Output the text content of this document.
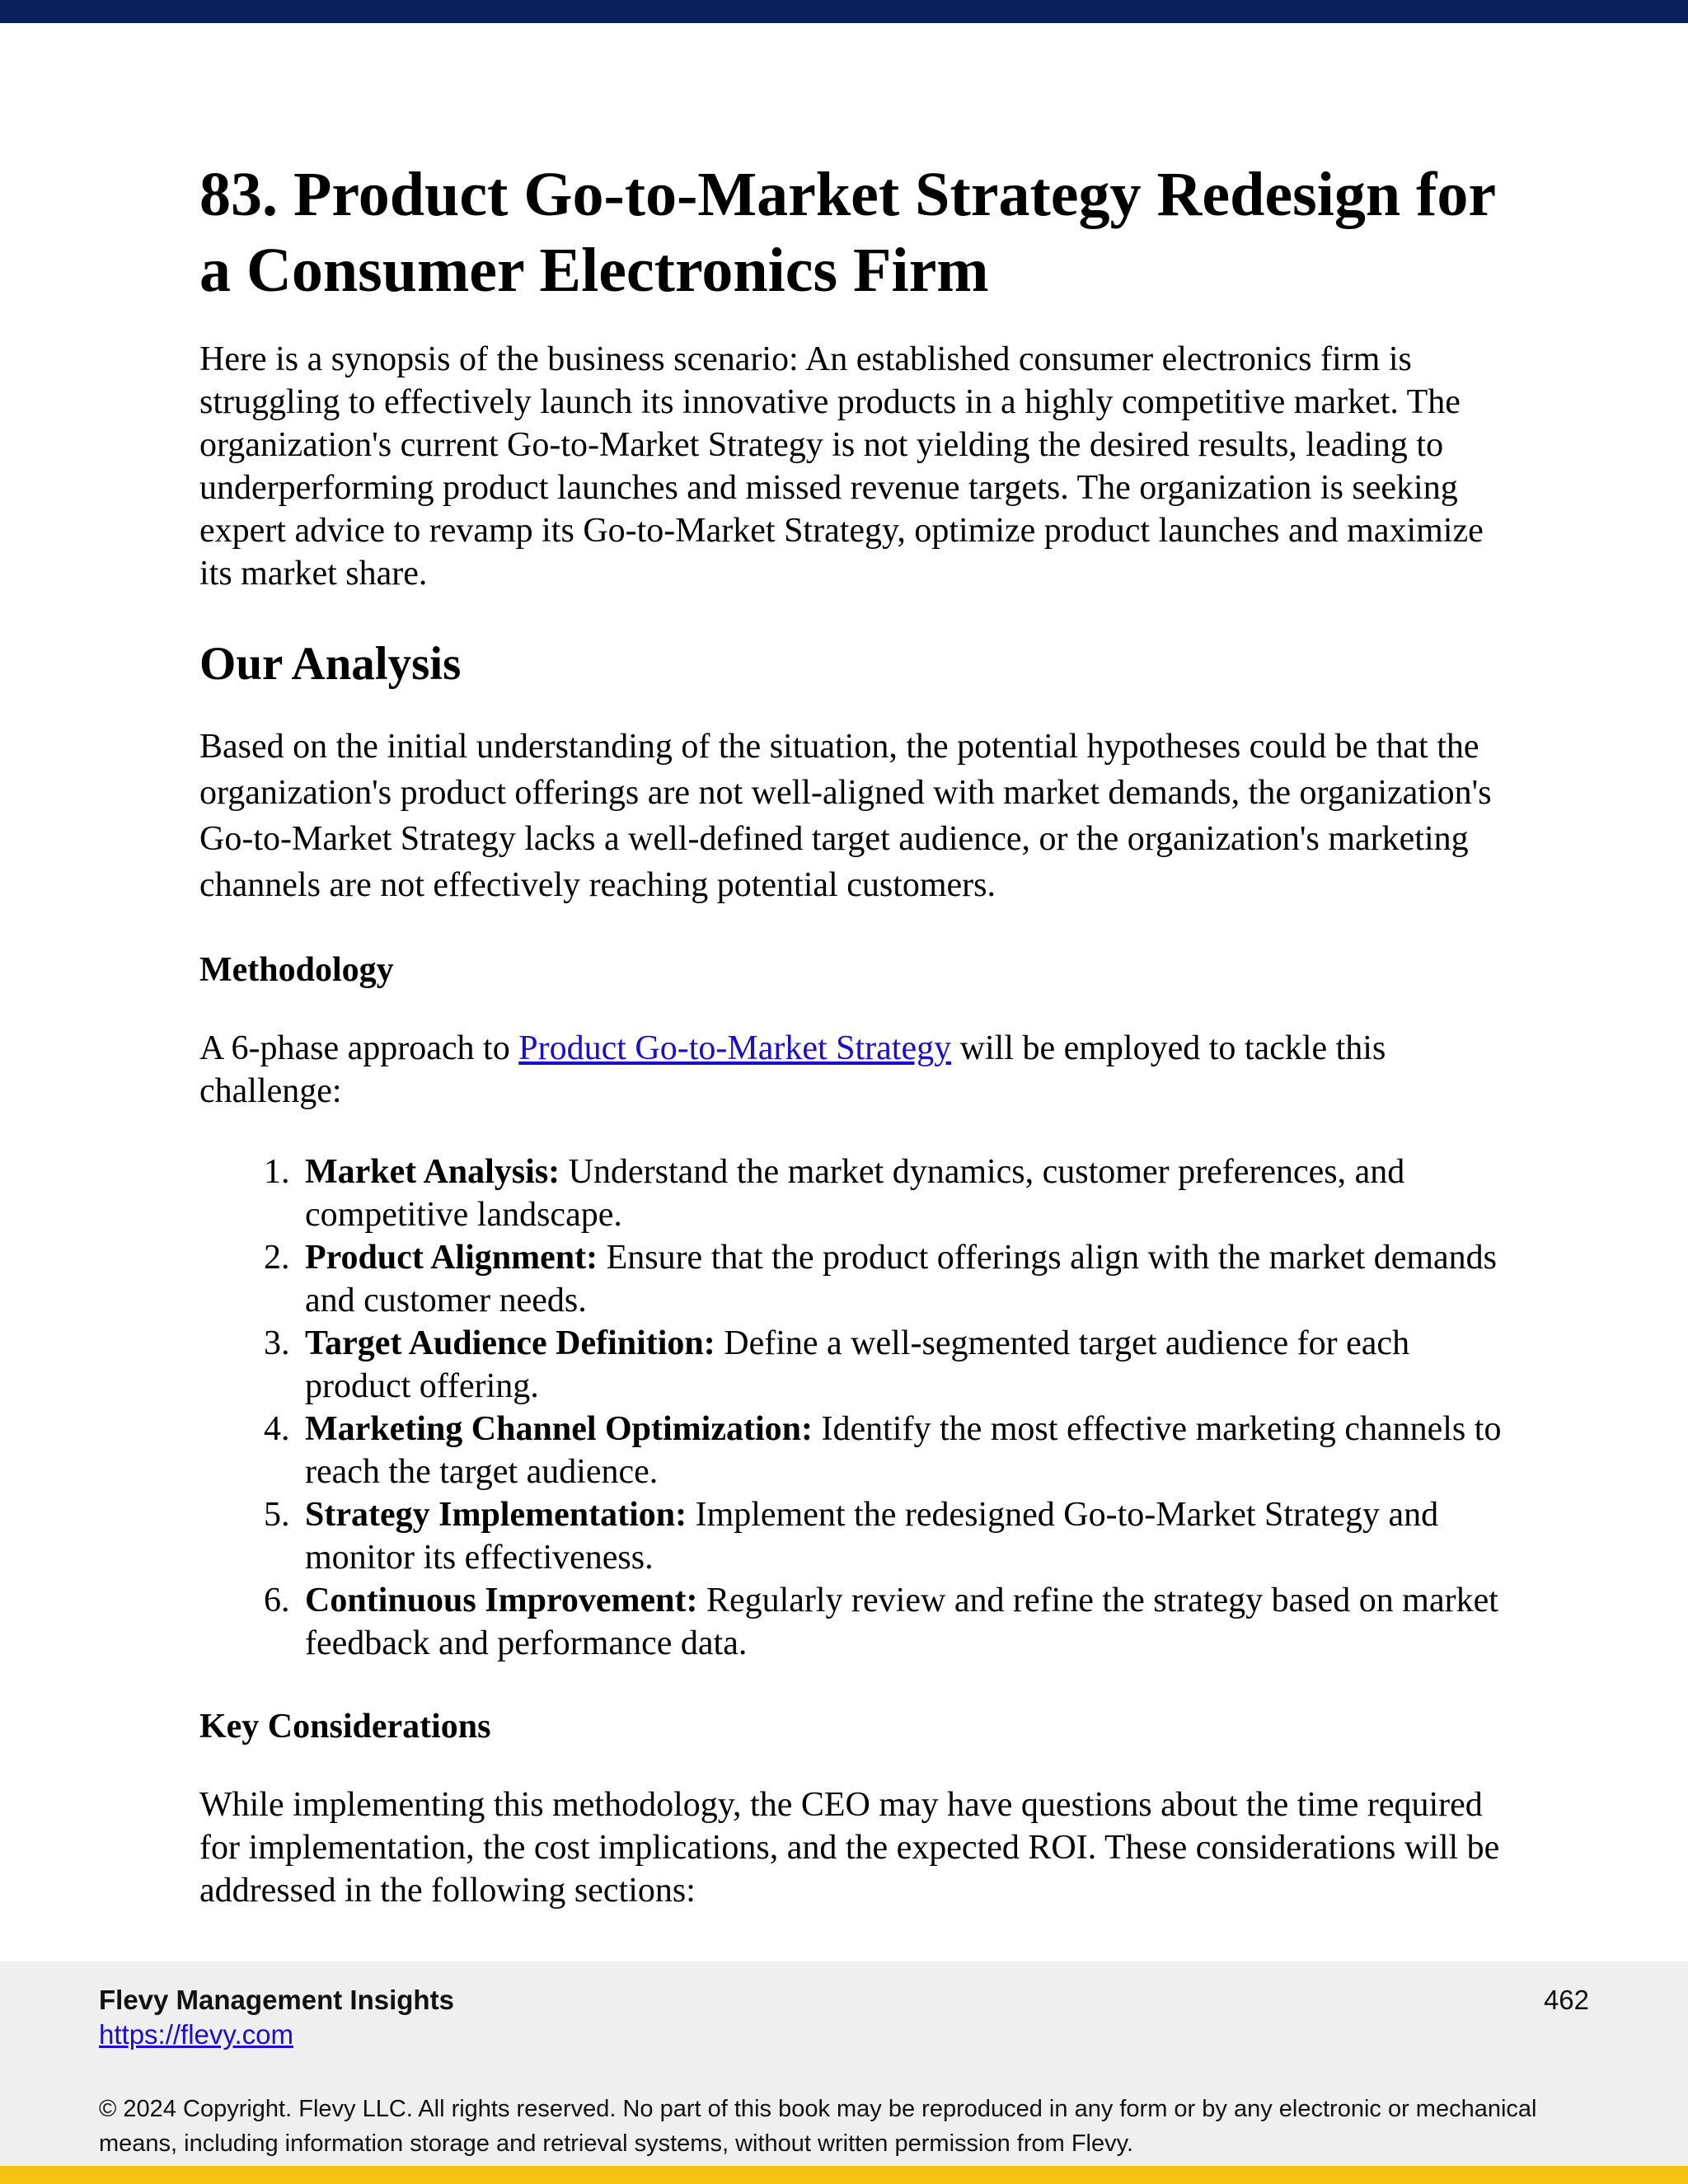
83. Product Go-to-Market Strategy Redesign for a Consumer Electronics Firm

Here is a synopsis of the business scenario: An established consumer electronics firm is struggling to effectively launch its innovative products in a highly competitive market. The organization's current Go-to-Market Strategy is not yielding the desired results, leading to underperforming product launches and missed revenue targets. The organization is seeking expert advice to revamp its Go-to-Market Strategy, optimize product launches and maximize its market share.

Our Analysis

Based on the initial understanding of the situation, the potential hypotheses could be that the organization's product offerings are not well-aligned with market demands, the organization's Go-to-Market Strategy lacks a well-defined target audience, or the organization's marketing channels are not effectively reaching potential customers.

Methodology

A 6-phase approach to Product Go-to-Market Strategy will be employed to tackle this challenge:

1. Market Analysis: Understand the market dynamics, customer preferences, and competitive landscape.
2. Product Alignment: Ensure that the product offerings align with the market demands and customer needs.
3. Target Audience Definition: Define a well-segmented target audience for each product offering.
4. Marketing Channel Optimization: Identify the most effective marketing channels to reach the target audience.
5. Strategy Implementation: Implement the redesigned Go-to-Market Strategy and monitor its effectiveness.
6. Continuous Improvement: Regularly review and refine the strategy based on market feedback and performance data.
Key Considerations

While implementing this methodology, the CEO may have questions about the time required for implementation, the cost implications, and the expected ROI. These considerations will be addressed in the following sections:

Flevy Management Insights
https://flevy.com
462
© 2024 Copyright. Flevy LLC. All rights reserved. No part of this book may be reproduced in any form or by any electronic or mechanical means, including information storage and retrieval systems, without written permission from Flevy.
